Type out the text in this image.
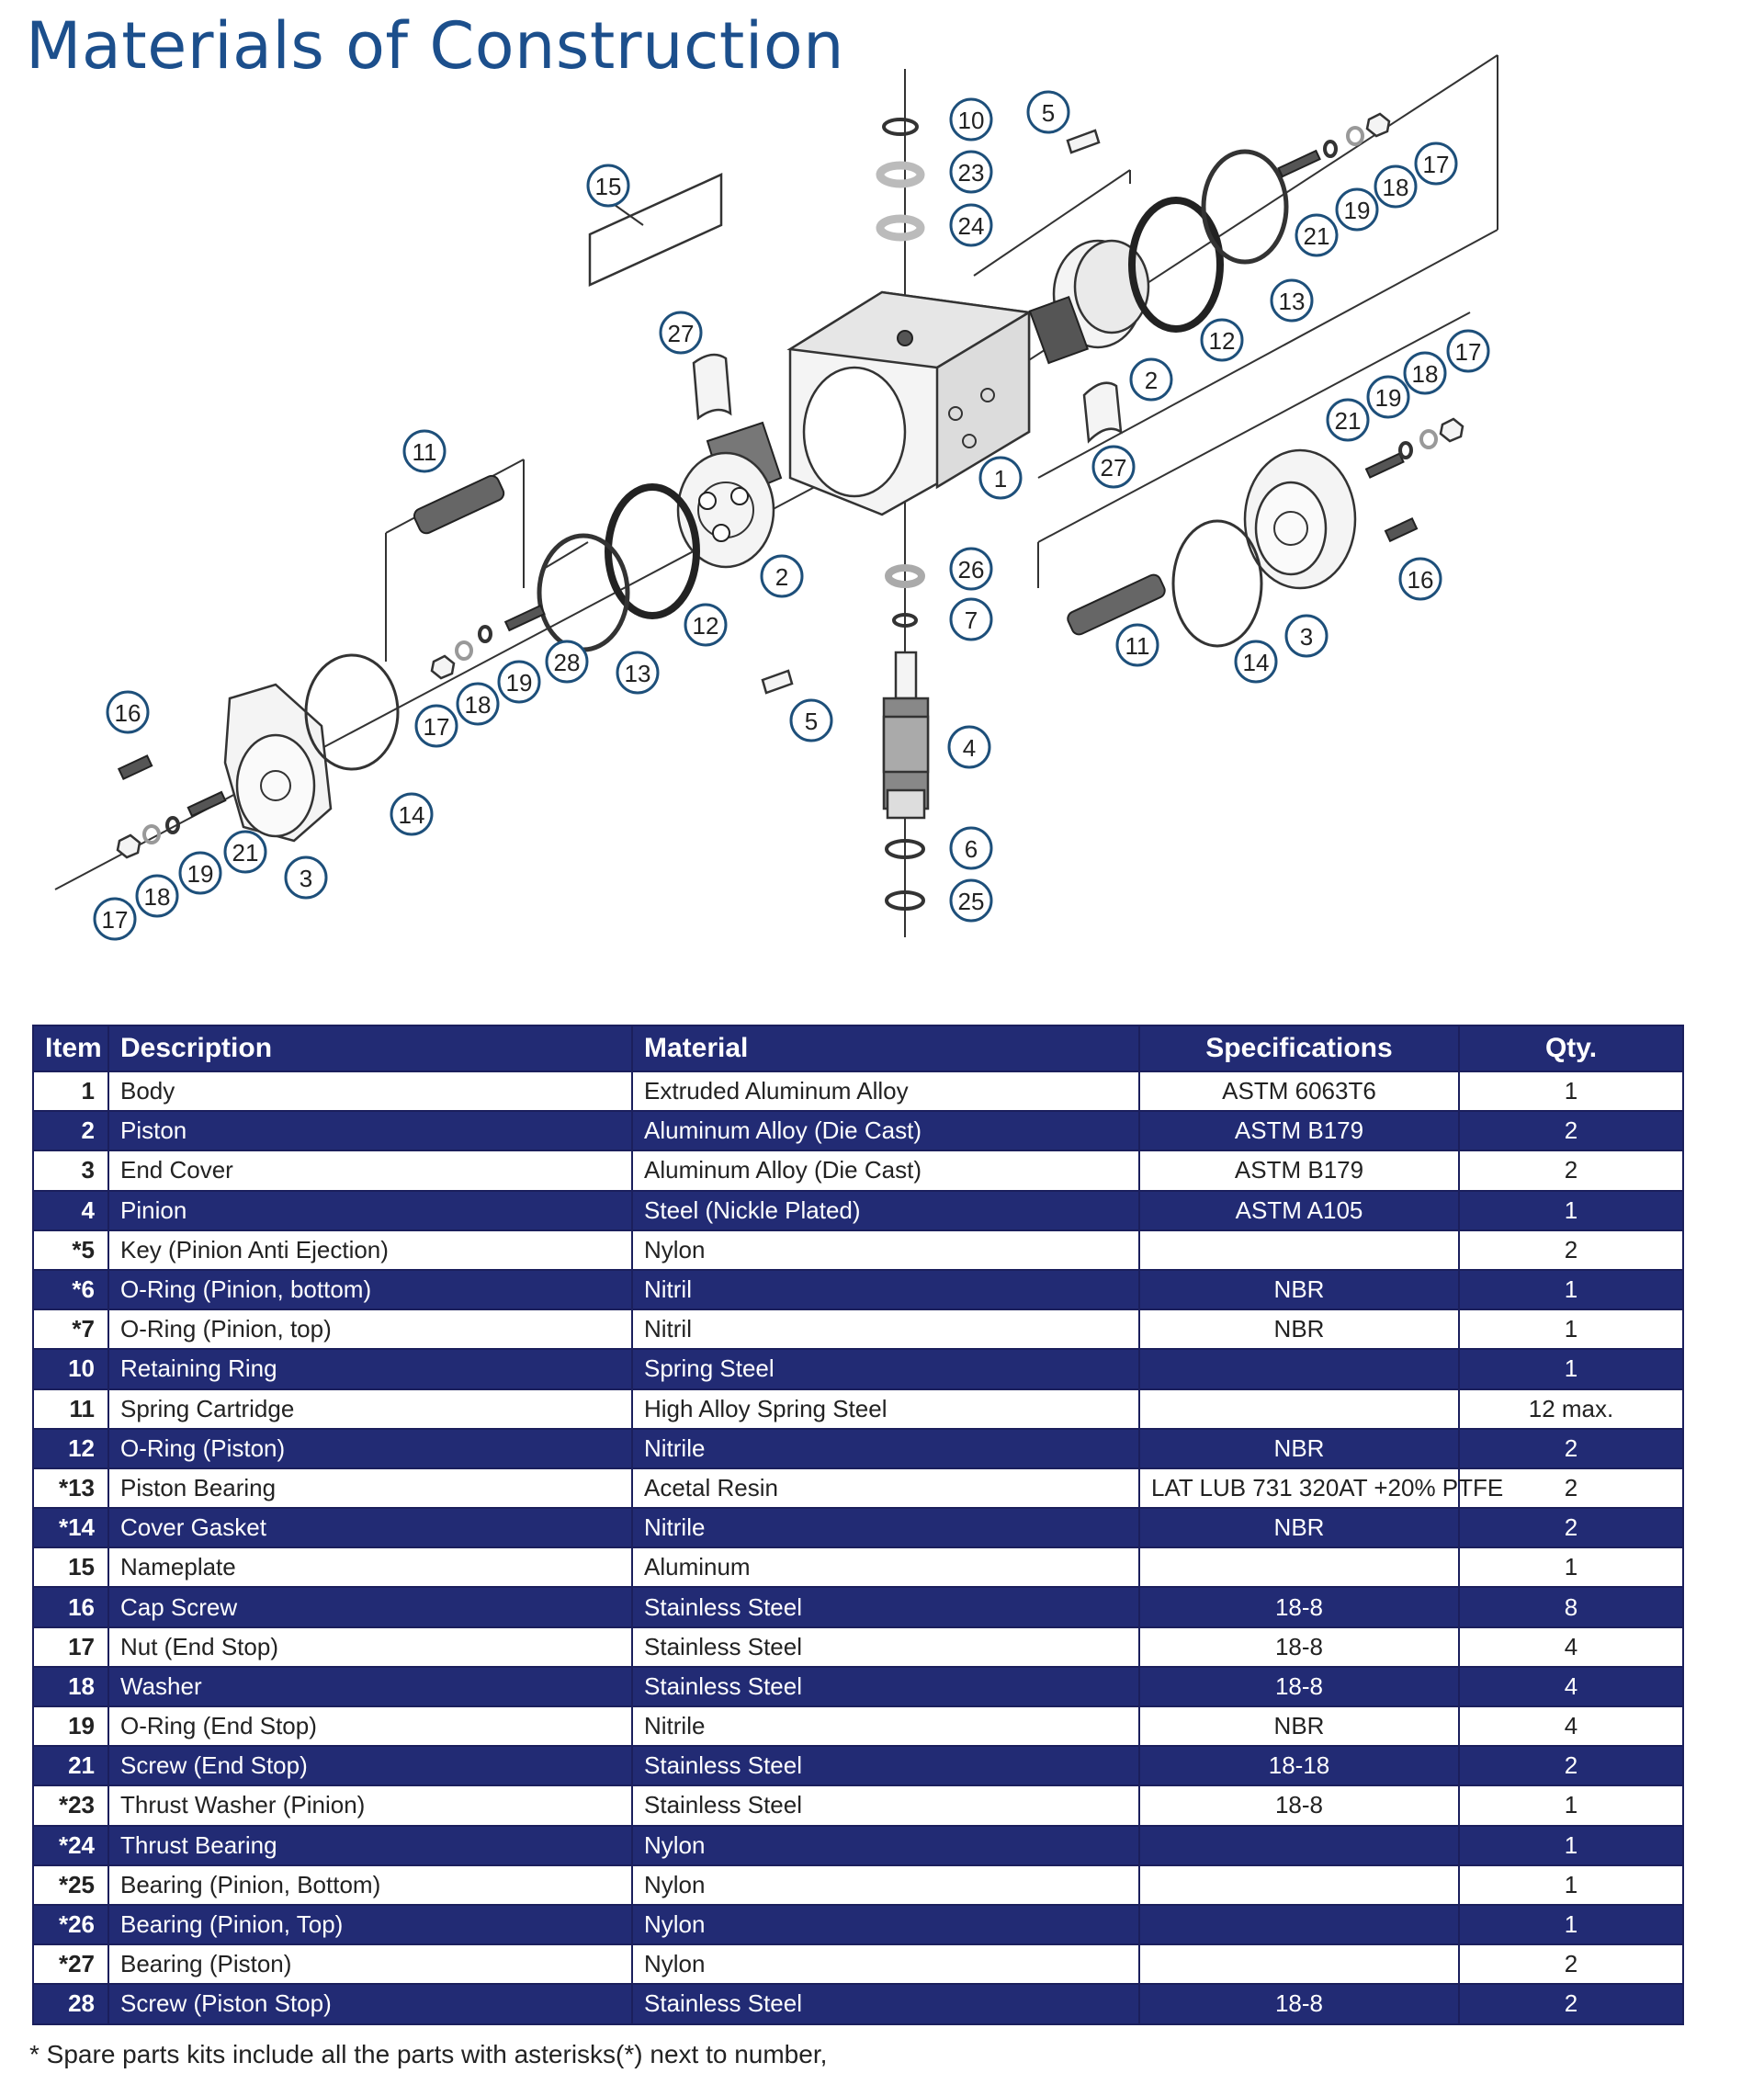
Materials of Construction
10
23
24
5
17
18
19
21
13
12
2
15
27
1	27
17
18
19
21
11
2
12
13
28
19
18
17
16
14
21
19
18
17
3
26
7
5
4
6
25
11
14
3
16
Item	Description	Material	Specifications	Qty.
1	Body	Extruded Aluminum Alloy	ASTM 6063T6	1
2	Piston	Aluminum Alloy (Die Cast)	ASTM B179	2
3	End Cover	Aluminum Alloy (Die Cast)	ASTM B179	2
4	Pinion	Steel (Nickle Plated)	ASTM A105	1
*5	Key (Pinion Anti Ejection)	Nylon		2
*6	O-Ring (Pinion, bottom)	Nitril	NBR	1
*7	O-Ring (Pinion, top)	Nitril	NBR	1
10	Retaining Ring	Spring Steel		1
11	Spring Cartridge	High Alloy Spring Steel		12 max.
12	O-Ring (Piston)	Nitrile	NBR	2
*13	Piston Bearing	Acetal Resin	LAT LUB 731 320AT +20% PTFE	2
*14	Cover Gasket	Nitrile	NBR	2
15	Nameplate	Aluminum		1
16	Cap Screw	Stainless Steel	18-8	8
17	Nut (End Stop)	Stainless Steel	18-8	4
18	Washer	Stainless Steel	18-8	4
19	O-Ring (End Stop)	Nitrile	NBR	4
21	Screw (End Stop)	Stainless Steel	18-18	2
*23	Thrust Washer (Pinion)	Stainless Steel	18-8	1
*24	Thrust Bearing	Nylon		1
*25	Bearing (Pinion, Bottom)	Nylon		1
*26	Bearing (Pinion, Top)	Nylon		1
*27	Bearing (Piston)	Nylon		2
28	Screw (Piston Stop)	Stainless Steel	18-8	2
* Spare parts kits include all the parts with asterisks(*) next to number,
